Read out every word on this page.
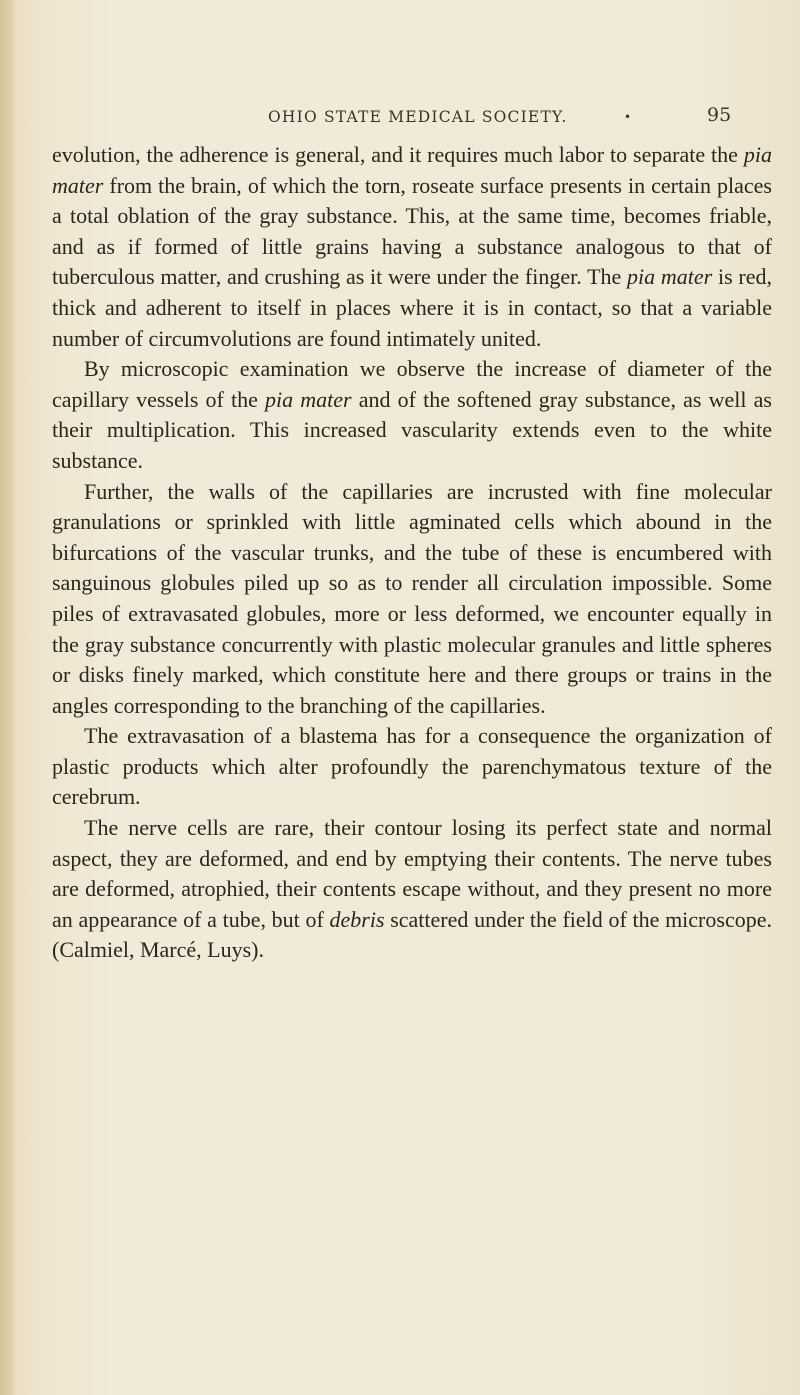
OHIO STATE MEDICAL SOCIETY.	•	95

evolution, the adherence is general, and it requires much labor to separate the pia mater from the brain, of which the torn, roseate surface presents in certain places a total oblation of the gray substance. This, at the same time, becomes friable, and as if formed of little grains having a substance analogous to that of tuberculous matter, and crushing as it were under the finger. The pia mater is red, thick and adherent to itself in places where it is in contact, so that a variable number of circumvolutions are found intimately united.

By microscopic examination we observe the increase of diameter of the capillary vessels of the pia mater and of the softened gray substance, as well as their multiplication. This increased vascularity extends even to the white substance.

Further, the walls of the capillaries are incrusted with fine molecular granulations or sprinkled with little agminated cells which abound in the bifurcations of the vascular trunks, and the tube of these is encumbered with sanguinous globules piled up so as to render all circulation impossible. Some piles of extravasated globules, more or less deformed, we encounter equally in the gray substance concurrently with plastic molecular granules and little spheres or disks finely marked, which constitute here and there groups or trains in the angles corresponding to the branching of the capillaries.

The extravasation of a blastema has for a consequence the organization of plastic products which alter profoundly the parenchymatous texture of the cerebrum.

The nerve cells are rare, their contour losing its perfect state and normal aspect, they are deformed, and end by emptying their contents. The nerve tubes are deformed, atrophied, their contents escape without, and they present no more an appearance of a tube, but of debris scattered under the field of the microscope. (Calmiel, Marcé, Luys).
